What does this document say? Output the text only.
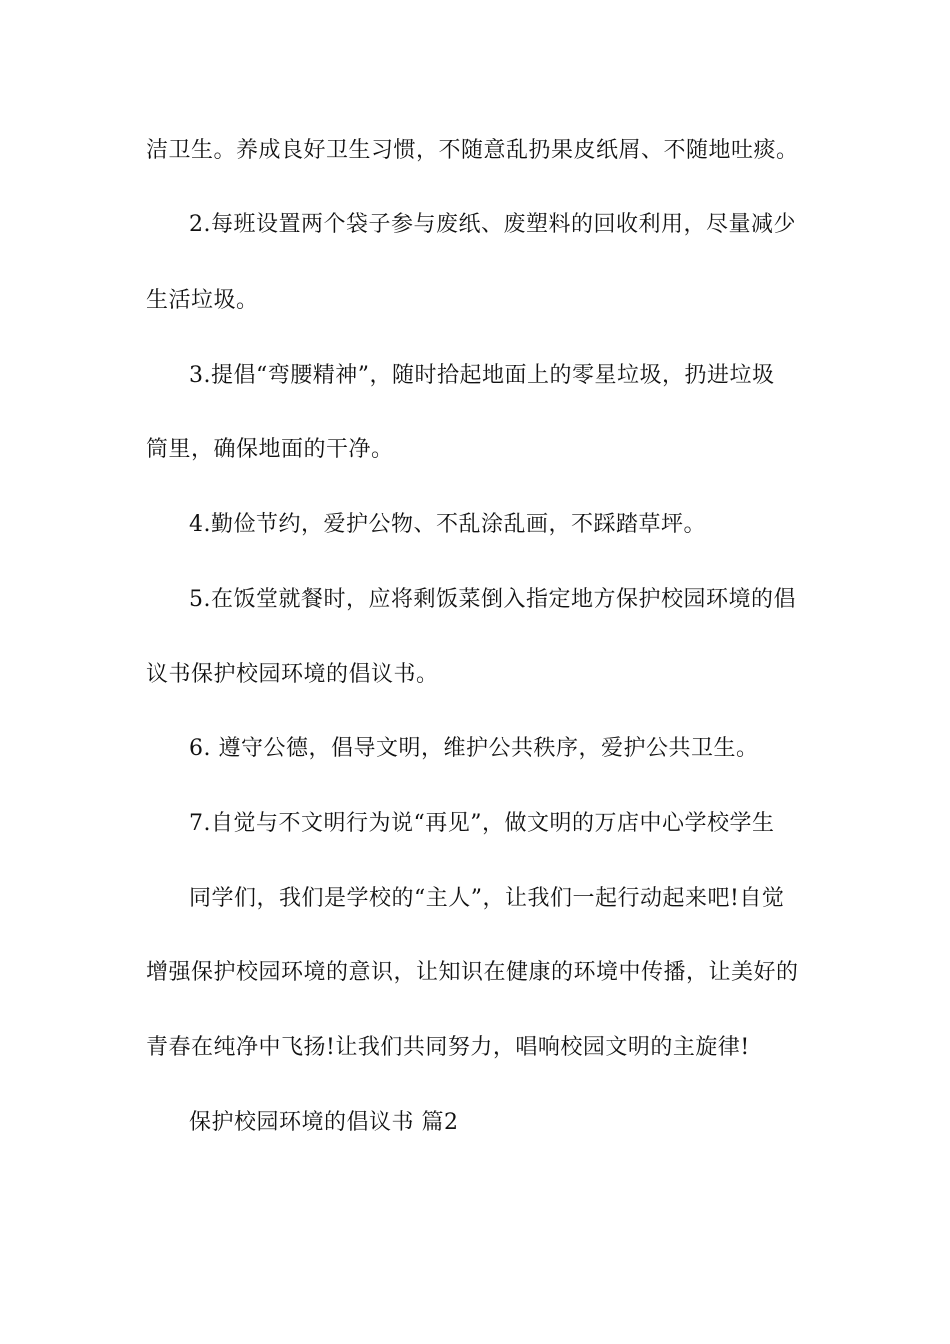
洁卫生。养成良好卫生习惯，不随意乱扔果皮纸屑、不随地吐痰。
2.每班设置两个袋子参与废纸、废塑料的回收利用，尽量减少
生活垃圾。
3.提倡“弯腰精神”，随时拾起地面上的零星垃圾，扔进垃圾
筒里，确保地面的干净。
4.勤俭节约，爱护公物、不乱涂乱画，不踩踏草坪。
5.在饭堂就餐时，应将剩饭菜倒入指定地方保护校园环境的倡
议书保护校园环境的倡议书。
6. 遵守公德，倡导文明，维护公共秩序，爱护公共卫生。
7.自觉与不文明行为说“再见”，做文明的万店中心学校学生
同学们，我们是学校的“主人”，让我们一起行动起来吧!自觉
增强保护校园环境的意识，让知识在健康的环境中传播，让美好的
青春在纯净中飞扬!让我们共同努力，唱响校园文明的主旋律!
保护校园环境的倡议书 篇2
